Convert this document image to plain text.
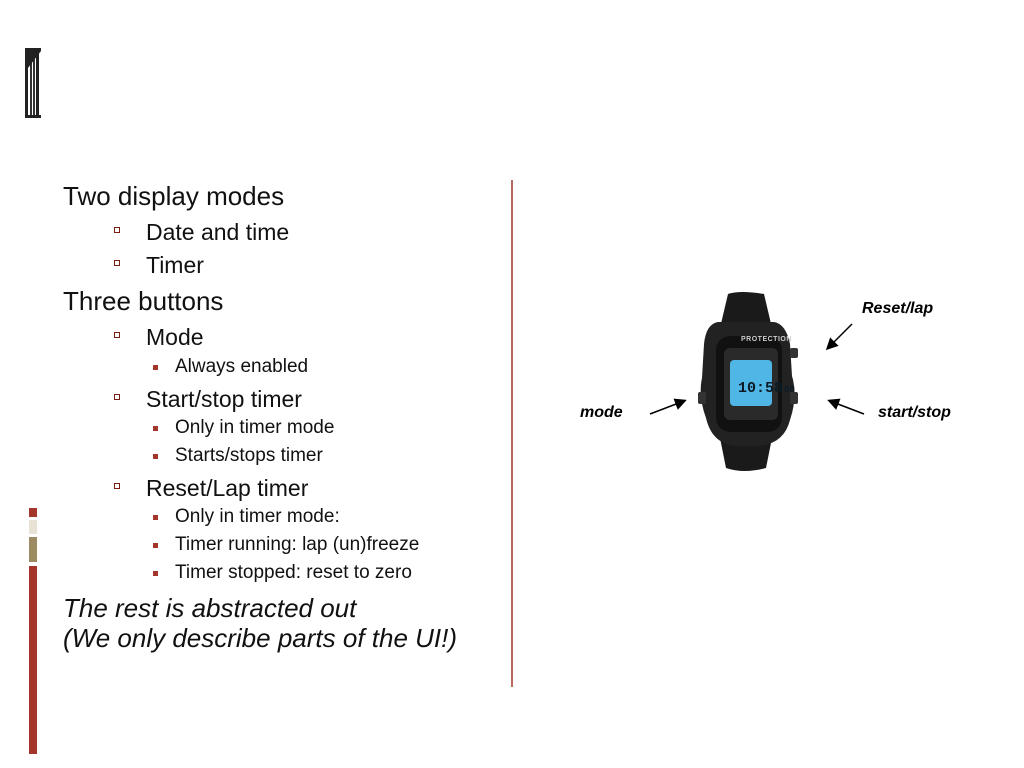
Two display modes
Date and time
Timer
Three buttons
Mode
Always enabled
Start/stop timer
Only in timer mode
Starts/stops timer
Reset/Lap timer
Only in timer mode:
Timer running: lap (un)freeze
Timer stopped: reset to zero
The rest is abstracted out
(We only describe parts of the UI!)
PROTECTION
10:58 50
Reset/lap
mode	start/stop
